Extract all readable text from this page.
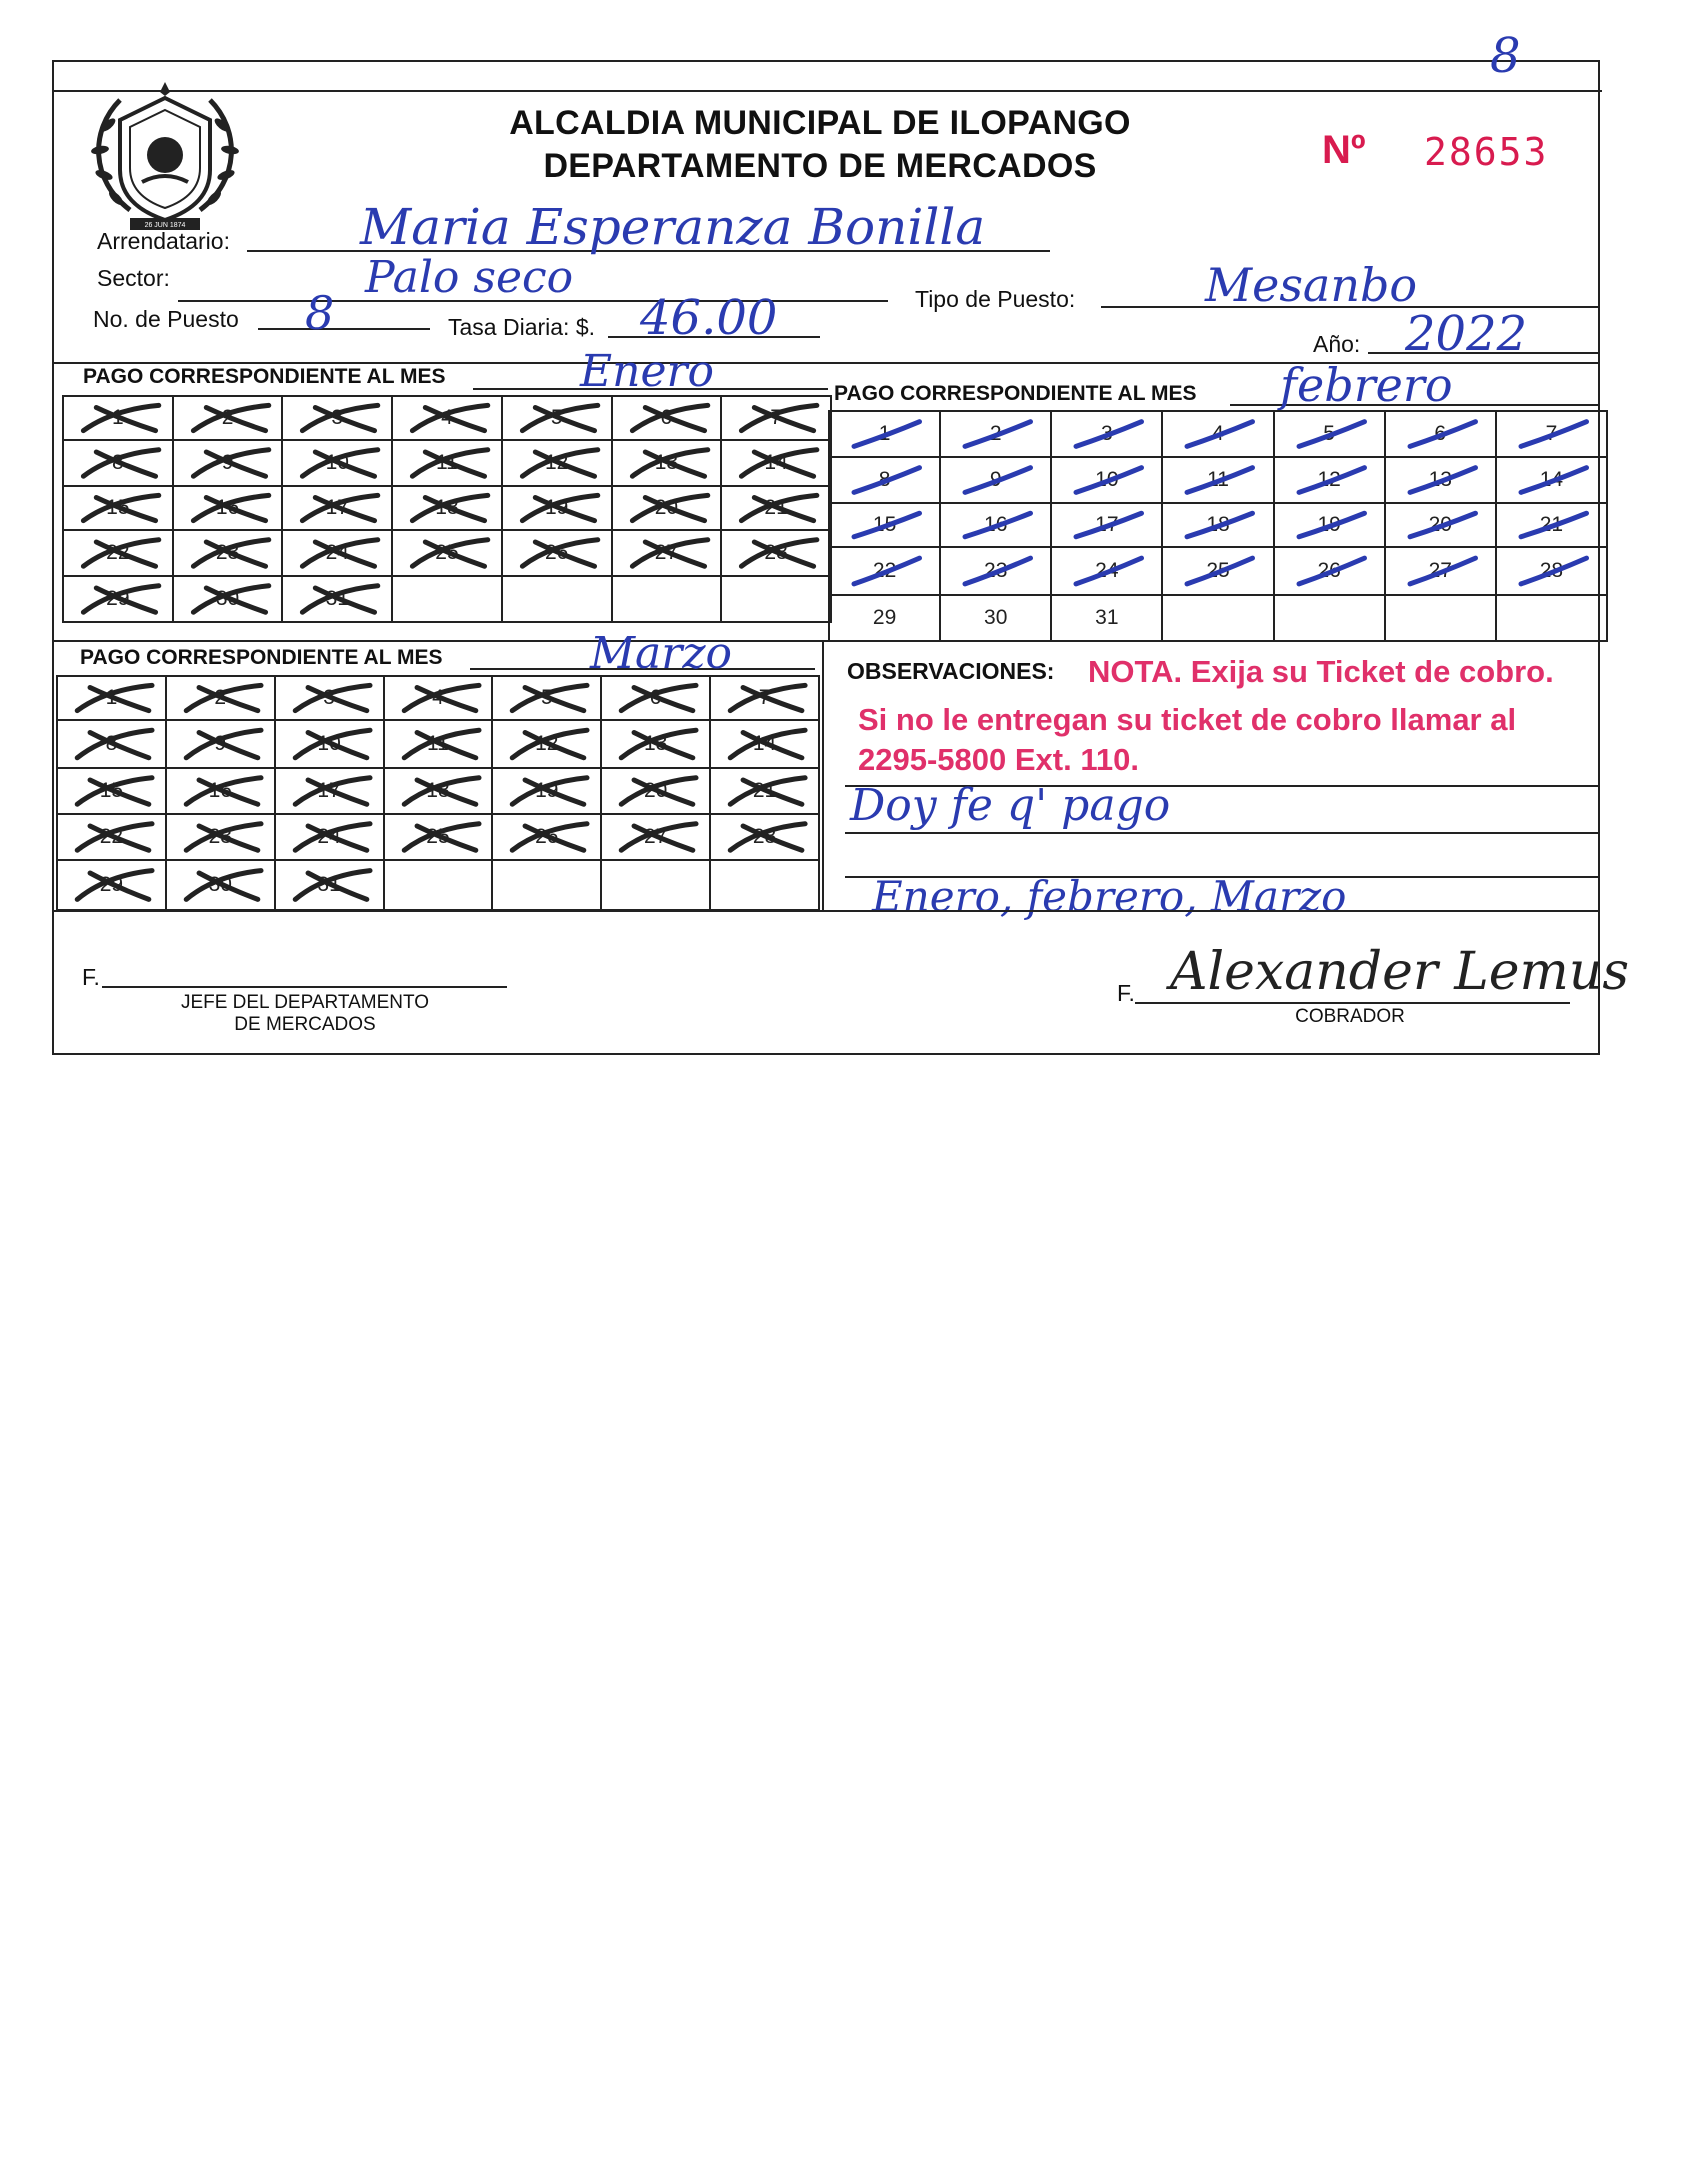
8
26 JUN 1874
ALCALDIA MUNICIPAL DE ILOPANGO
DEPARTAMENTO DE MERCADOS	Nº 28653
Arrendatario:	Maria Esperanza Bonilla
Sector:	Palo seco	Tipo de Puesto:	Mesanbo
No. de Puesto 8	Tasa Diaria: $. 46.00	Año: 2022
PAGO CORRESPONDIENTE AL MES	Enero	PAGO CORRESPONDIENTE AL MES febrero
1	2	3	4	5	6	7

8	9	10	11	12	13	14

15	16	17	18	19	20	21

22	23	24	25	26	27	28

29	30	31

1	2	3	4	5	6	7

8	9	10	11	12	13	14

15	16	17	18	19	20	21

22	23	24	25	26	27	28

29	30	31				
PAGO CORRESPONDIENTE AL MES	Marzo
1	2	3	4	5	6	7

8	9	10	11	12	13	14

15	16	17	18	19	20	21

22	23	24	25	26	27	28

29	30	31

OBSERVACIONES: NOTA. Exija su Ticket de cobro.
Si no le entregan su ticket de cobro llamar al
2295-5800 Ext. 110.
Doy fe q' pago
Enero, febrero, Marzo
F.
JEFE DEL DEPARTAMENTO
DE MERCADOS
F. Alexander Lemus
COBRADOR
